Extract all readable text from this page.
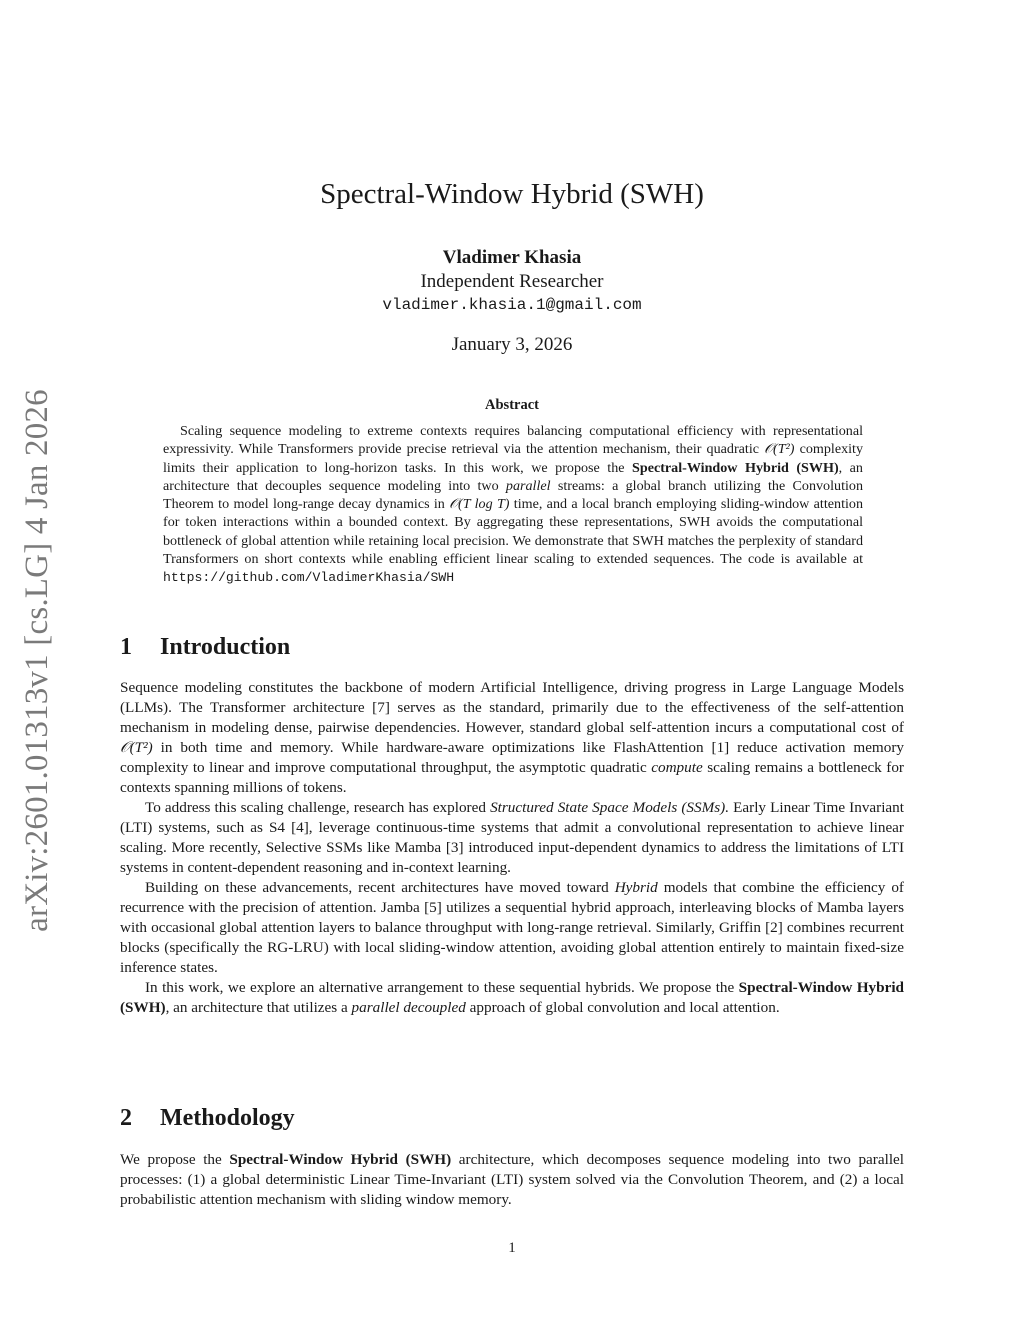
arXiv:2601.01313v1 [cs.LG] 4 Jan 2026
Spectral-Window Hybrid (SWH)
Vladimer Khasia
Independent Researcher
vladimer.khasia.1@gmail.com
January 3, 2026
Abstract
Scaling sequence modeling to extreme contexts requires balancing computational efficiency with representational expressivity. While Transformers provide precise retrieval via the attention mechanism, their quadratic 𝒪(T²) complexity limits their application to long-horizon tasks. In this work, we propose the Spectral-Window Hybrid (SWH), an architecture that decouples sequence modeling into two parallel streams: a global branch utilizing the Convolution Theorem to model long-range decay dynamics in 𝒪(T log T) time, and a local branch employing sliding-window attention for token interactions within a bounded context. By aggregating these representations, SWH avoids the computational bottleneck of global attention while retaining local precision. We demonstrate that SWH matches the perplexity of standard Transformers on short contexts while enabling efficient linear scaling to extended sequences. The code is available at https://github.com/VladimerKhasia/SWH
1 Introduction

Sequence modeling constitutes the backbone of modern Artificial Intelligence, driving progress in Large Language Models (LLMs). The Transformer architecture [7] serves as the standard, primarily due to the effectiveness of the self-attention mechanism in modeling dense, pairwise dependencies. However, standard global self-attention incurs a computational cost of 𝒪(T²) in both time and memory. While hardware-aware optimizations like FlashAttention [1] reduce activation memory complexity to linear and improve computational throughput, the asymptotic quadratic compute scaling remains a bottleneck for contexts spanning millions of tokens.

To address this scaling challenge, research has explored Structured State Space Models (SSMs). Early Linear Time Invariant (LTI) systems, such as S4 [4], leverage continuous-time systems that admit a convolutional representation to achieve linear scaling. More recently, Selective SSMs like Mamba [3] introduced input-dependent dynamics to address the limitations of LTI systems in content-dependent reasoning and in-context learning.

Building on these advancements, recent architectures have moved toward Hybrid models that combine the efficiency of recurrence with the precision of attention. Jamba [5] utilizes a sequential hybrid approach, interleaving blocks of Mamba layers with occasional global attention layers to balance throughput with long-range retrieval. Similarly, Griffin [2] combines recurrent blocks (specifically the RG-LRU) with local sliding-window attention, avoiding global attention entirely to maintain fixed-size inference states.

In this work, we explore an alternative arrangement to these sequential hybrids. We propose the Spectral-Window Hybrid (SWH), an architecture that utilizes a parallel decoupled approach of global convolution and local attention.

2 Methodology

We propose the Spectral-Window Hybrid (SWH) architecture, which decomposes sequence modeling into two parallel processes: (1) a global deterministic Linear Time-Invariant (LTI) system solved via the Convolution Theorem, and (2) a local probabilistic attention mechanism with sliding window memory.

1
